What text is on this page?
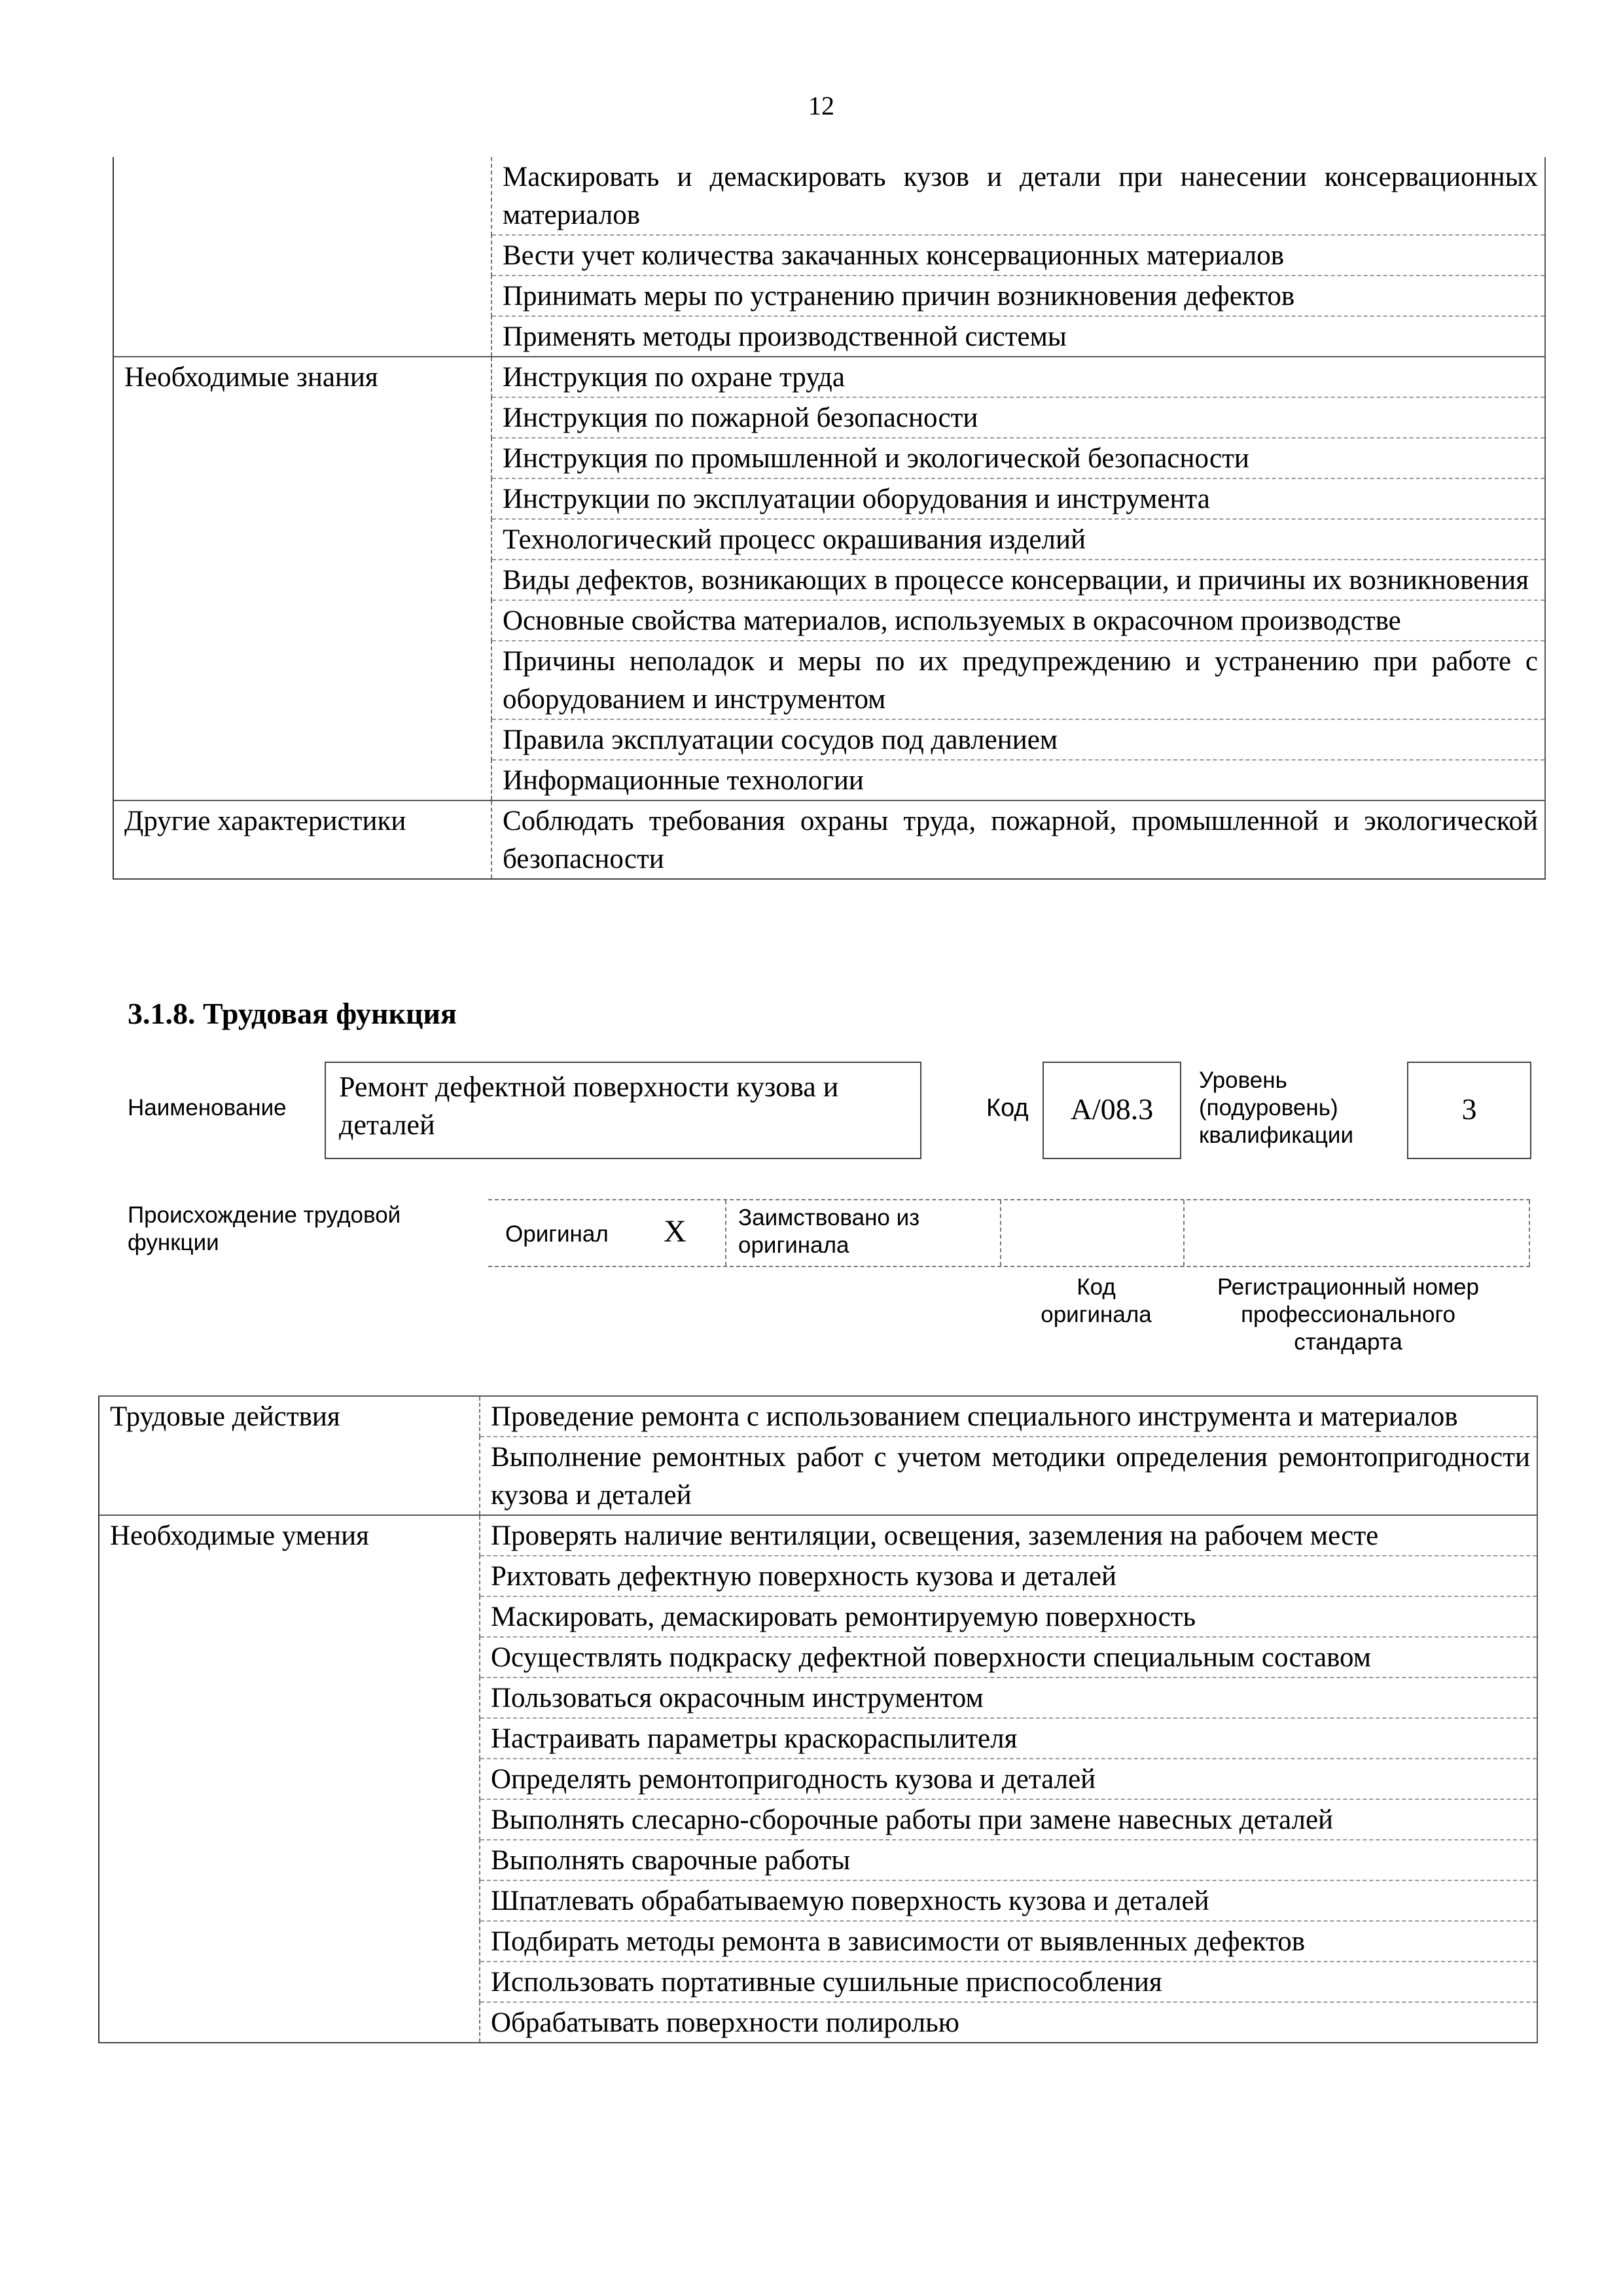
12
	Маскировать и демаскировать кузов и детали при нанесении консервационных материалов
	Вести учет количества закачанных консервационных материалов
	Принимать меры по устранению причин возникновения дефектов
	Применять методы производственной системы
Необходимые знания	Инструкция по охране труда
	Инструкция по пожарной безопасности
	Инструкция по промышленной и экологической безопасности
	Инструкции по эксплуатации оборудования и инструмента
	Технологический процесс окрашивания изделий
	Виды дефектов, возникающих в процессе консервации, и причины их возникновения
	Основные свойства материалов, используемых в окрасочном производстве
	Причины неполадок и меры по их предупреждению и устранению при работе с оборудованием и инструментом
	Правила эксплуатации сосудов под давлением
	Информационные технологии
Другие характеристики	Соблюдать требования охраны труда, пожарной, промышленной и экологической безопасности
3.1.8. Трудовая функция
Наименование
Ремонт дефектной поверхности кузова и деталей
Код	А/08.3
Уровень (подуровень) квалификации
3
Происхождение трудовой функции	Оригинал X Заимствовано из оригинала
Код оригинала
Регистрационный номер профессионального стандарта
Трудовые действия	Проведение ремонта с использованием специального инструмента и материалов
	Выполнение ремонтных работ с учетом методики определения ремонтопригодности кузова и деталей
Необходимые умения	Проверять наличие вентиляции, освещения, заземления на рабочем месте
	Рихтовать дефектную поверхность кузова и деталей
	Маскировать, демаскировать ремонтируемую поверхность
	Осуществлять подкраску дефектной поверхности специальным составом
	Пользоваться окрасочным инструментом
	Настраивать параметры краскораспылителя
	Определять ремонтопригодность кузова и деталей
	Выполнять слесарно-сборочные работы при замене навесных деталей
	Выполнять сварочные работы
	Шпатлевать обрабатываемую поверхность кузова и деталей
	Подбирать методы ремонта в зависимости от выявленных дефектов
	Использовать портативные сушильные приспособления
	Обрабатывать поверхности полиролью
